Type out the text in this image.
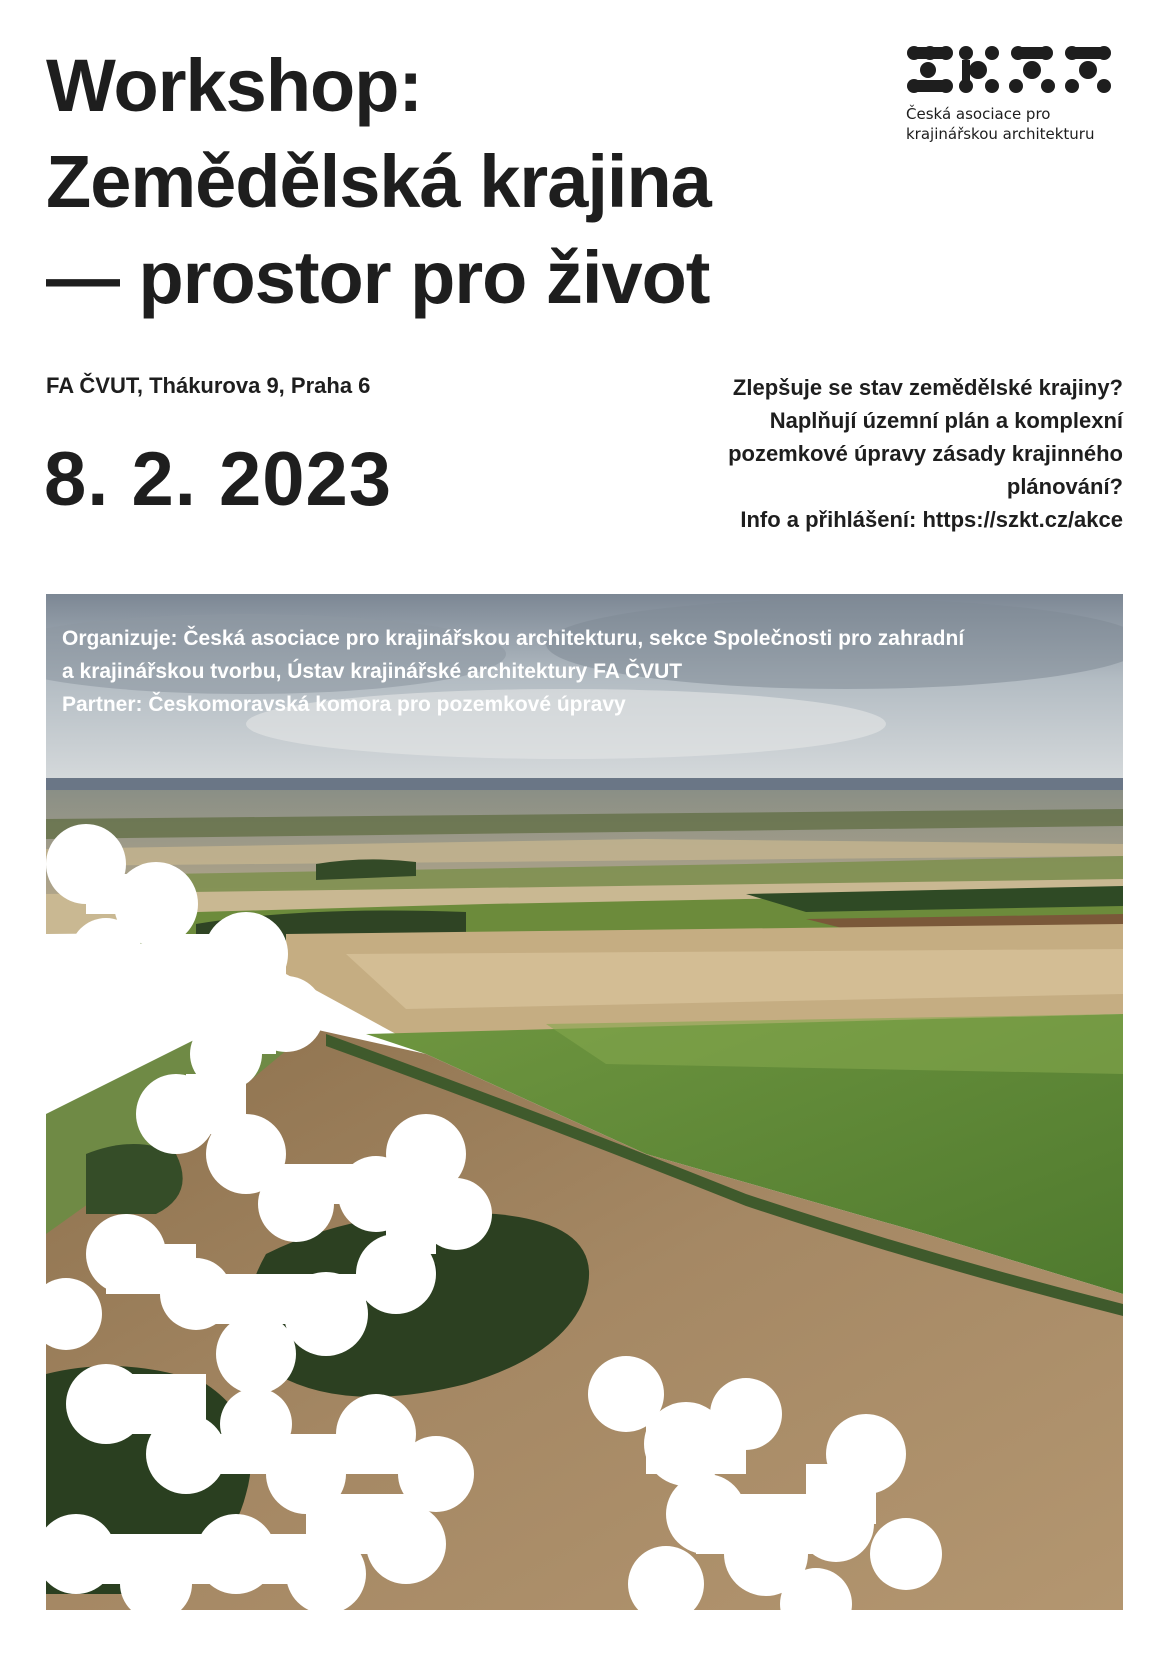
Workshop:
Zemědělská krajina
— prostor pro život
Česká asociace pro
krajinářskou architekturu
FA ČVUT, Thákurova 9, Praha 6
8. 2. 2023
Zlepšuje se stav zemědělské krajiny?
Naplňují územní plán a komplexní
pozemkové úpravy zásady krajinného
plánování?
Info a přihlášení: https://szkt.cz/akce
Organizuje: Česká asociace pro krajinářskou architekturu, sekce Společnosti pro zahradní
a krajinářskou tvorbu, Ústav krajinářské architektury FA ČVUT
Partner: Českomoravská komora pro pozemkové úpravy
